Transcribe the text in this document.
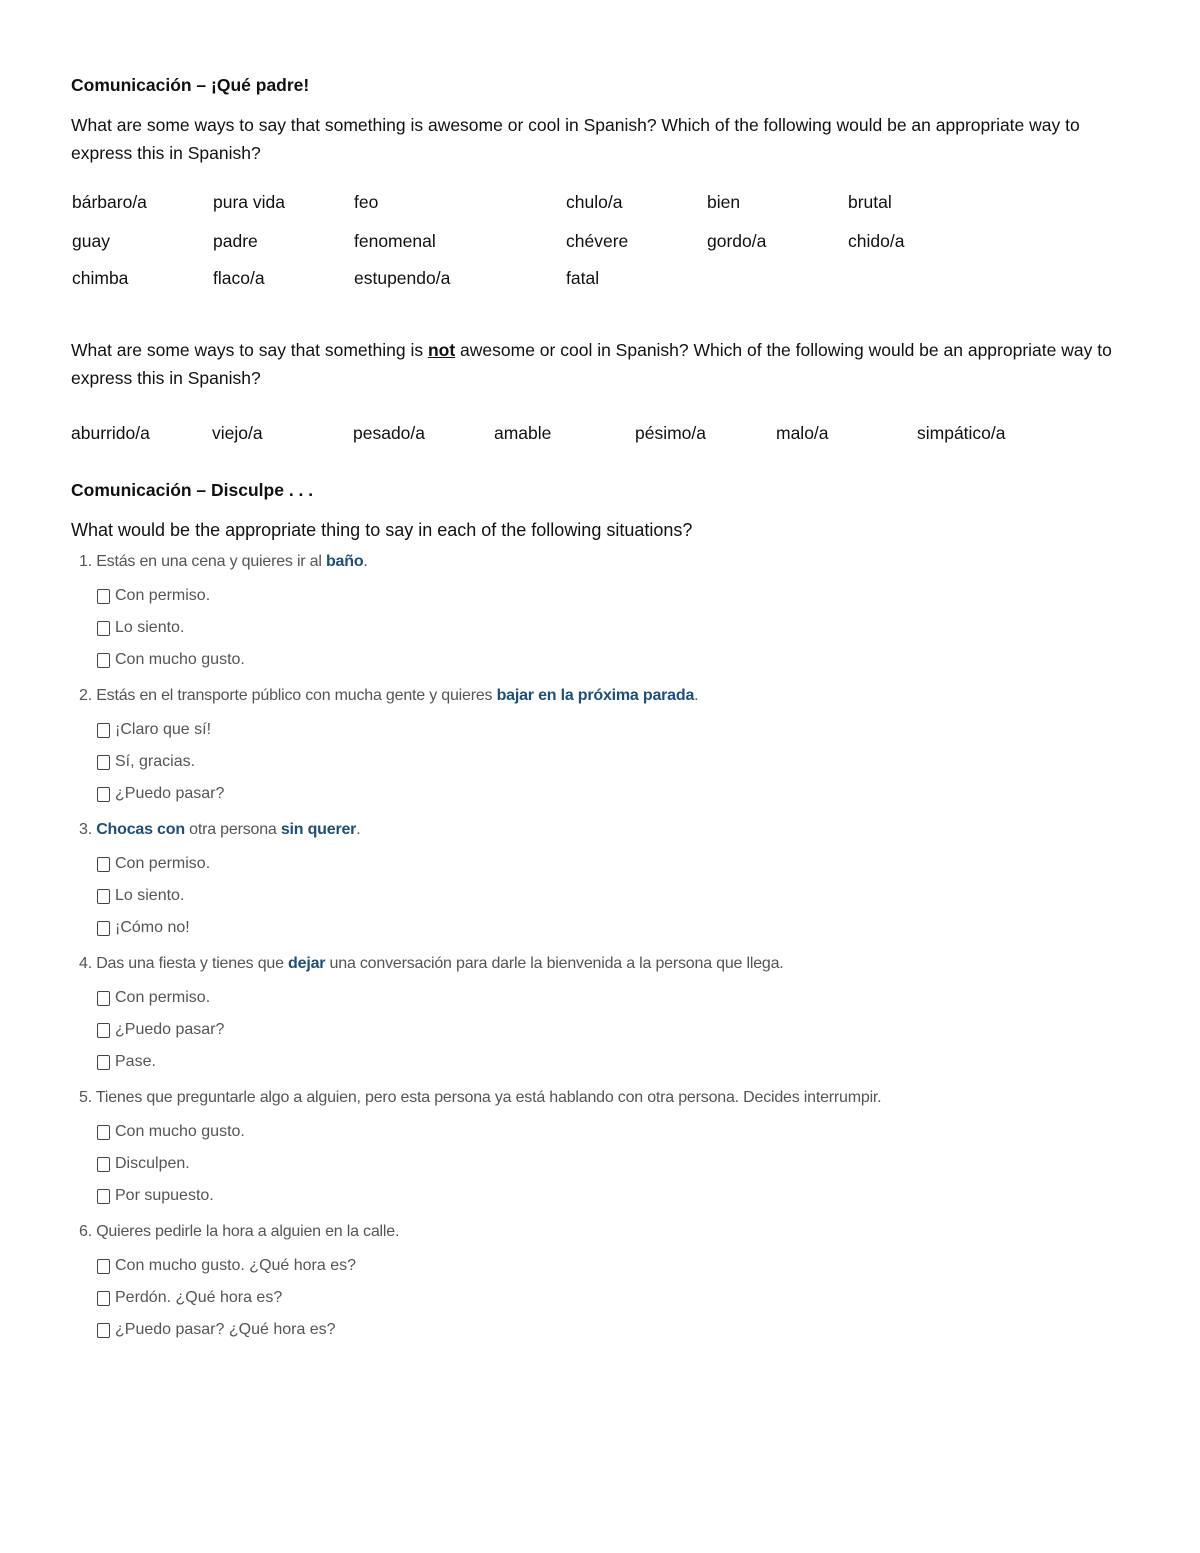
Comunicación – ¡Qué padre!
What are some ways to say that something is awesome or cool in Spanish? Which of the following would be an appropriate way to express this in Spanish?
bárbaro/a	pura vida	feo	chulo/a	bien	brutal
guay	padre	fenomenal	chévere	gordo/a	chido/a
chimba	flaco/a	estupendo/a	fatal
What are some ways to say that something is not awesome or cool in Spanish? Which of the following would be an appropriate way to express this in Spanish?
aburrido/a	viejo/a	pesado/a	amable	pésimo/a	malo/a	simpático/a
Comunicación – Disculpe . . .
What would be the appropriate thing to say in each of the following situations?
1. Estás en una cena y quieres ir al baño.
Con permiso.
Lo siento.
Con mucho gusto.
2. Estás en el transporte público con mucha gente y quieres bajar en la próxima parada.
¡Claro que sí!
Sí, gracias.
¿Puedo pasar?
3. Chocas con otra persona sin querer.
Con permiso.
Lo siento.
¡Cómo no!
4. Das una fiesta y tienes que dejar una conversación para darle la bienvenida a la persona que llega.
Con permiso.
¿Puedo pasar?
Pase.
5. Tienes que preguntarle algo a alguien, pero esta persona ya está hablando con otra persona. Decides interrumpir.
Con mucho gusto.
Disculpen.
Por supuesto.
6. Quieres pedirle la hora a alguien en la calle.
Con mucho gusto. ¿Qué hora es?
Perdón. ¿Qué hora es?
¿Puedo pasar? ¿Qué hora es?
